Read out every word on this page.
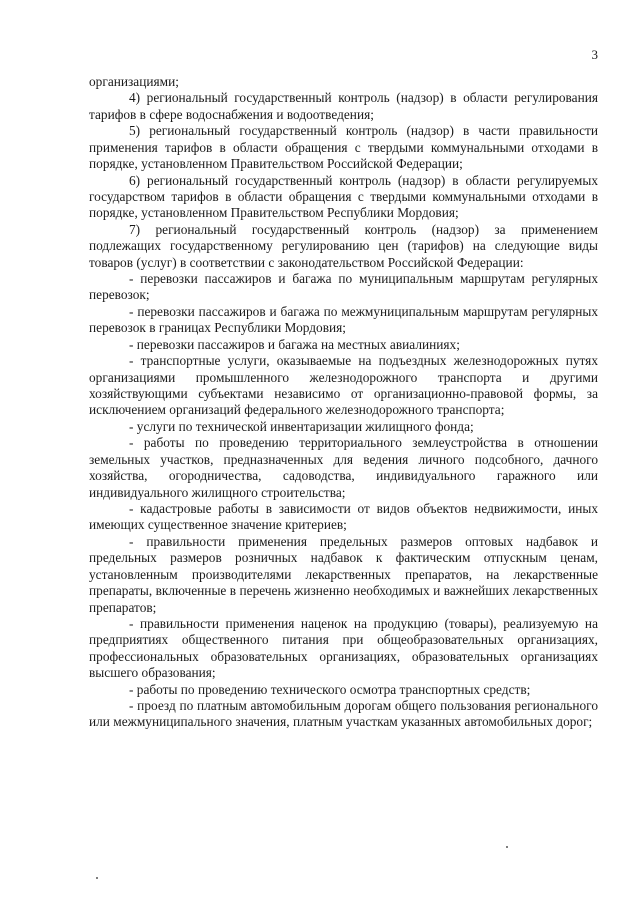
3

организациями;

4) региональный государственный контроль (надзор) в области регулирования тарифов в сфере водоснабжения и водоотведения;

5) региональный государственный контроль (надзор) в части правильности применения тарифов в области обращения с твердыми коммунальными отходами в порядке, установленном Правительством Российской Федерации;

6) региональный государственный контроль (надзор) в области регулируемых государством тарифов в области обращения с твердыми коммунальными отходами в порядке, установленном Правительством Республики Мордовия;

7) региональный государственный контроль (надзор) за применением подлежащих государственному регулированию цен (тарифов) на следующие виды товаров (услуг) в соответствии с законодательством Российской Федерации:

- перевозки пассажиров и багажа по муниципальным маршрутам регулярных перевозок;

- перевозки пассажиров и багажа по межмуниципальным маршрутам регулярных перевозок в границах Республики Мордовия;

- перевозки пассажиров и багажа на местных авиалиниях;

- транспортные услуги, оказываемые на подъездных железнодорожных путях организациями промышленного железнодорожного транспорта и другими хозяйствующими субъектами независимо от организационно-правовой формы, за исключением организаций федерального железнодорожного транспорта;

- услуги по технической инвентаризации жилищного фонда;

- работы по проведению территориального землеустройства в отношении земельных участков, предназначенных для ведения личного подсобного, дачного хозяйства, огородничества, садоводства, индивидуального гаражного или индивидуального жилищного строительства;

- кадастровые работы в зависимости от видов объектов недвижимости, иных имеющих существенное значение критериев;

- правильности применения предельных размеров оптовых надбавок и предельных размеров розничных надбавок к фактическим отпускным ценам, установленным производителями лекарственных препаратов, на лекарственные препараты, включенные в перечень жизненно необходимых и важнейших лекарственных препаратов;

- правильности применения наценок на продукцию (товары), реализуемую на предприятиях общественного питания при общеобразовательных организациях, профессиональных образовательных организациях, образовательных организациях высшего образования;

- работы по проведению технического осмотра транспортных средств;

- проезд по платным автомобильным дорогам общего пользования регионального или межмуниципального значения, платным участкам указанных автомобильных дорог;
